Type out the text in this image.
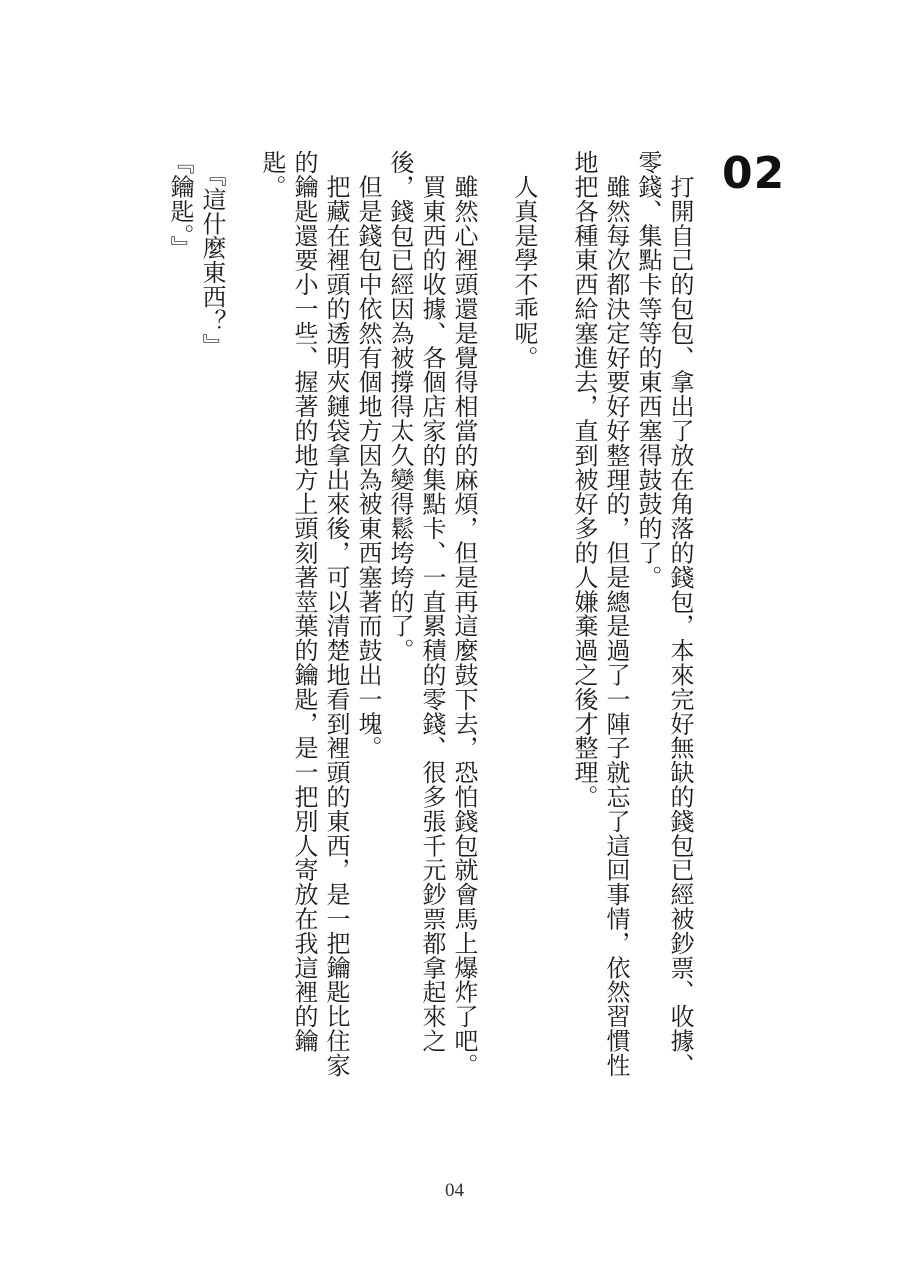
02

　打開自己的包包、拿出了放在角落的錢包，本來完好無缺的錢包已經被鈔票、收據、零錢、集點卡等等的東西塞得鼓鼓的了。

　雖然每次都決定好要好好整理的，但是總是過了一陣子就忘了這回事情，依然習慣性地把各種東西給塞進去，直到被好多的人嫌棄過之後才整理。

　人真是學不乖呢。

　雖然心裡頭還是覺得相當的麻煩，但是再這麼鼓下去，恐怕錢包就會馬上爆炸了吧。

　買東西的收據、各個店家的集點卡、一直累積的零錢、很多張千元鈔票都拿起來之後，錢包已經因為被撐得太久變得鬆垮垮的了。

　但是錢包中依然有個地方因為被東西塞著而鼓出一塊。

　把藏在裡頭的透明夾鏈袋拿出來後，可以清楚地看到裡頭的東西，是一把鑰匙比住家的鑰匙還要小一些、握著的地方上頭刻著莖葉的鑰匙，是一把別人寄放在我這裡的鑰匙。

　『這什麼東西？』

『鑰匙。』

04
